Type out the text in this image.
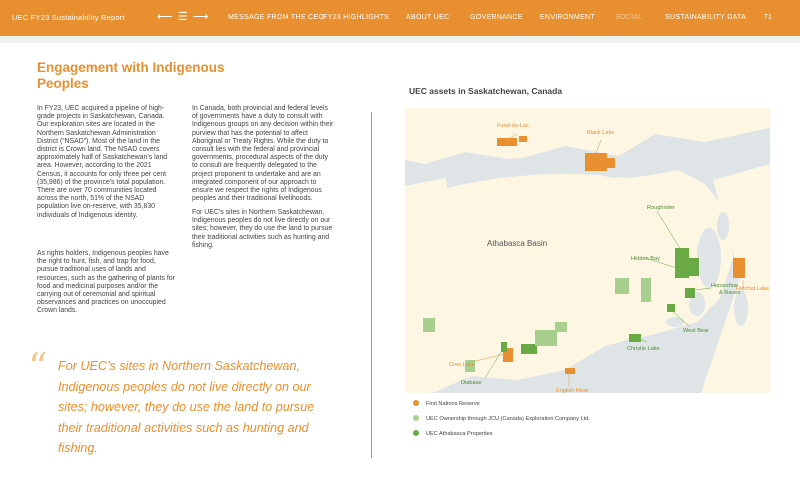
UEC FY23 Sustainability Report	⟵ ☰ ⟶	MESSAGE FROM THE CEO
FY23 HIGHLIGHTS ABOUT UEC	GOVERNANCE ENVIRONMENT	SOCIAL	SUSTAINABILITY DATA 71
Engagement with Indigenous Peoples
In FY23, UEC acquired a pipeline of high-grade projects in Saskatchewan, Canada. Our exploration sites are located in the Northern Saskatchewan Administration District (“NSAD”). Most of the land in the district is Crown land. The NSAD covers approximately half of Saskatchewan’s land area. However, according to the 2021 Census, it accounts for only three per cent (35,986) of the province’s total population. There are over 70 communities located across the north, 51% of the NSAD population live on-reserve, with 35,830 individuals of Indigenous identity.
As rights holders, Indigenous peoples have the right to hunt, fish, and trap for food, pursue traditional uses of lands and resources, such as the gathering of plants for food and medicinal purposes and/or the carrying out of ceremonial and spiritual observances and practices on unoccupied Crown lands.
In Canada, both provincial and federal levels of governments have a duty to consult with Indigenous groups on any decision within their purview that has the potential to affect Aboriginal or Treaty Rights. While the duty to consult lies with the federal and provincial governments, procedural aspects of the duty to consult are frequently delegated to the project proponent to undertake and are an integrated component of our approach to ensure we respect the rights of Indigenous peoples and their traditional livelihoods.
For UEC’s sites in Northern Saskatchewan, Indigenous peoples do not live directly on our sites; however, they do use the land to pursue their traditional activities such as hunting and fishing.
“ For UEC’s sites in Northern Saskatchewan, Indigenous peoples do not live directly on our sites; however, they do use the land to pursue their traditional activities such as hunting and fishing.
UEC assets in Saskatchewan, Canada
Fond-du-Lac
Black Lake
Hatchet Lake
Cree Lake
English River
Roughrider
Hidden Bay
Horseshoe
& Raven
West Bear
Christie Lake
Diabase
Athabasca Basin
First Nations Reserve
UEC Ownership through JCU (Canada) Exploration Company Ltd.
UEC Athabasca Properties
